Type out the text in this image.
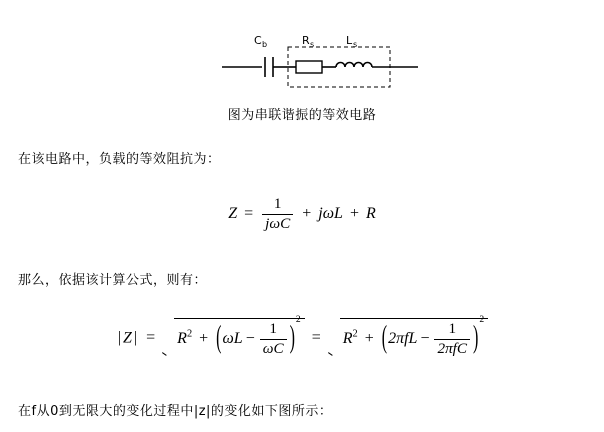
C b	R s	L s
图为串联谐振的等效电路
在该电路中，负载的等效阻抗为：
$Z = \frac{1}{\text{jωC}} + j\omega L + R$
那么，依据该计算公式，则有：
| Z | = $R^2 + (\omega L - \frac{1}{\omega C} )^2 = R^2 + (2\pi fL - \frac{1}{\text{2πfC}} )^2$
在f从0到无限大的变化过程中|z|的变化如下图所示：
